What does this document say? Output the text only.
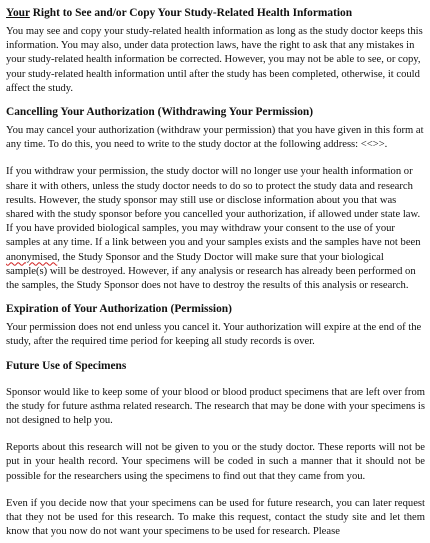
Your Right to See and/or Copy Your Study-Related Health Information

You may see and copy your study-related health information as long as the study doctor keeps this information. You may also, under data protection laws, have the right to ask that any mistakes in your study-related health information be corrected. However, you may not be able to see, or copy, your study-related health information until after the study has been completed, otherwise, it could affect the study.

Cancelling Your Authorization (Withdrawing Your Permission)

You may cancel your authorization (withdraw your permission) that you have given in this form at any time. To do this, you need to write to the study doctor at the following address: <<>>.

If you withdraw your permission, the study doctor will no longer use your health information or share it with others, unless the study doctor needs to do so to protect the study data and research results. However, the study sponsor may still use or disclose information about you that was shared with the study sponsor before you cancelled your authorization, if allowed under state law. If you have provided biological samples, you may withdraw your consent to the use of your samples at any time. If a link between you and your samples exists and the samples have not been anonymised, the Study Sponsor and the Study Doctor will make sure that your biological sample(s) will be destroyed. However, if any analysis or research has already been performed on the samples, the Study Sponsor does not have to destroy the results of this analysis or research.

Expiration of Your Authorization (Permission)

Your permission does not end unless you cancel it. Your authorization will expire at the end of the study, after the required time period for keeping all study records is over.

Future Use of Specimens

Sponsor would like to keep some of your blood or blood product specimens that are left over from the study for future asthma related research. The research that may be done with your specimens is not designed to help you.

Reports about this research will not be given to you or the study doctor. These reports will not be put in your health record. Your specimens will be coded in such a manner that it should not be possible for the researchers using the specimens to find out that they came from you.

Even if you decide now that your specimens can be used for future research, you can later request that they not be used for this research. To make this request, contact the study site and let them know that you now do not want your specimens to be used for research. Please
